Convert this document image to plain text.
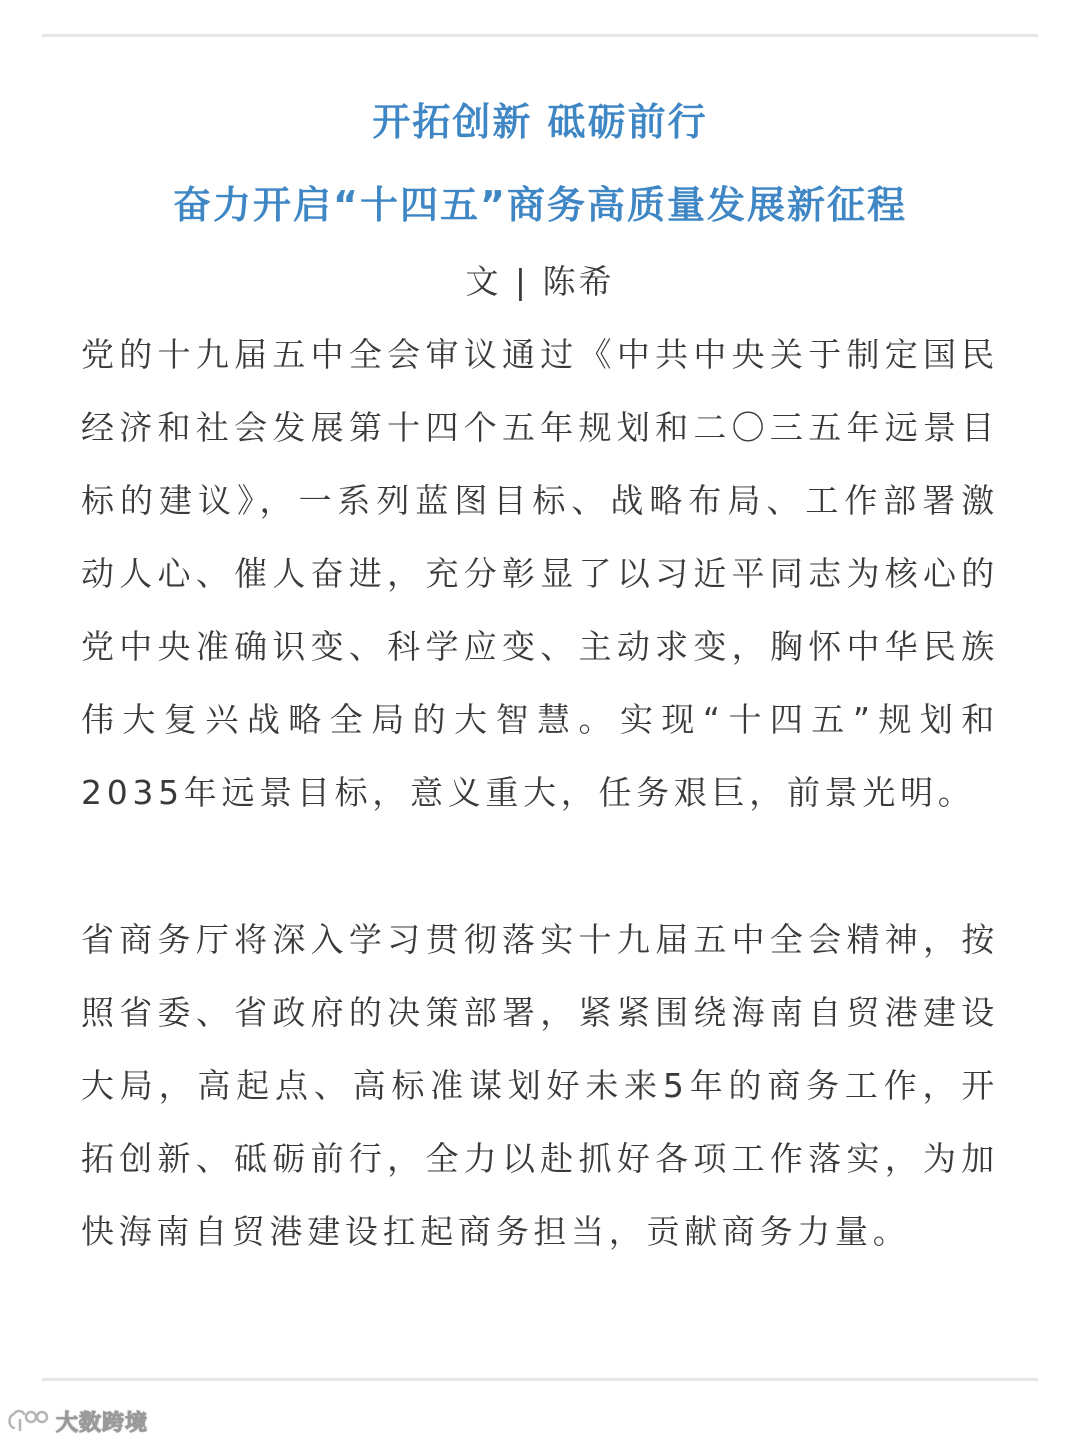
开拓创新 砥砺前行
奋力开启“十四五”商务高质量发展新征程
文 | 陈希

党的十九届五中全会审议通过《中共中央关于制定国民经济和社会发展第十四个五年规划和二〇三五年远景目标的建议》，一系列蓝图目标、战略布局、工作部署激动人心、催人奋进，充分彰显了以习近平同志为核心的党中央准确识变、科学应变、主动求变，胸怀中华民族伟大复兴战略全局的大智慧。实现“十四五”规划和2035年远景目标，意义重大，任务艰巨，前景光明。

省商务厅将深入学习贯彻落实十九届五中全会精神，按照省委、省政府的决策部署，紧紧围绕海南自贸港建设大局，高起点、高标准谋划好未来5年的商务工作，开拓创新、砥砺前行，全力以赴抓好各项工作落实，为加快海南自贸港建设扛起商务担当，贡献商务力量。

大数跨境
